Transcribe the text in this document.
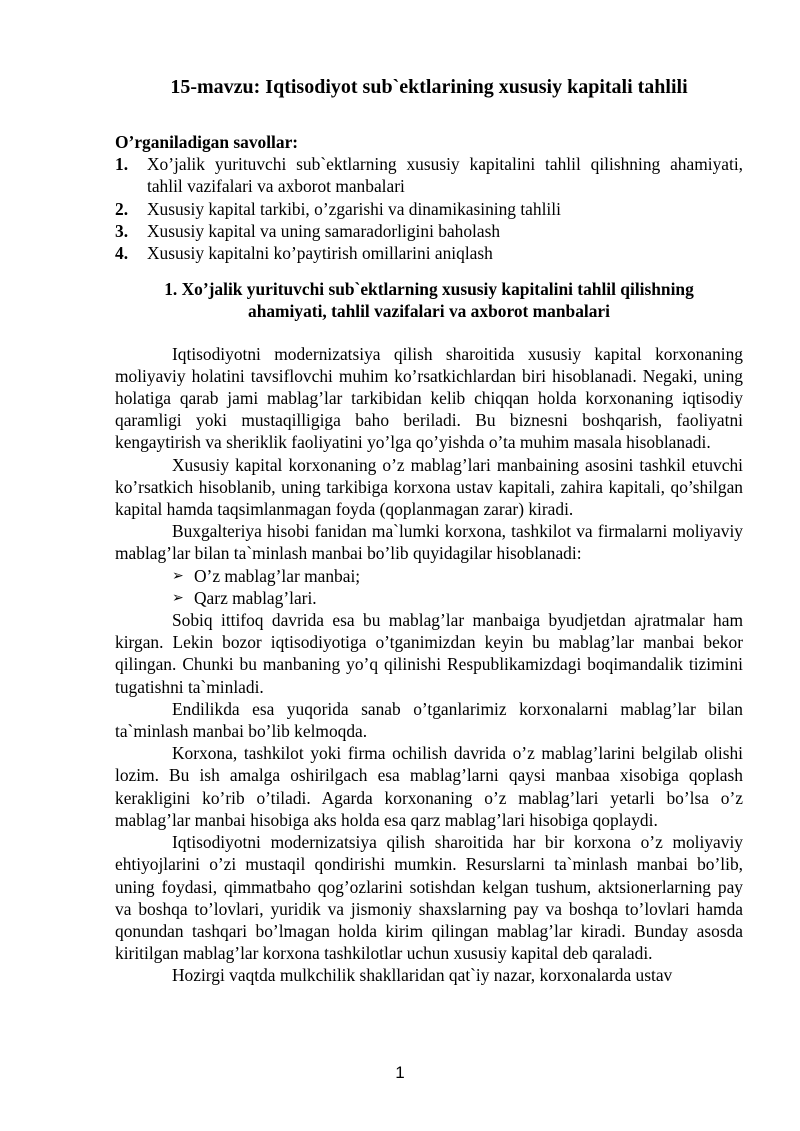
15-mavzu: Iqtisodiyot sub`ektlarining xususiy kapitali tahlili
O’rganiladigan savollar:
1. Xo’jalik yurituvchi sub`ektlarning xususiy kapitalini tahlil qilishning ahamiyati, tahlil vazifalari va axborot manbalari
2. Xususiy kapital tarkibi, o’zgarishi va dinamikasining tahlili
3. Xususiy kapital va uning samaradorligini baholash
4. Xususiy kapitalni ko’paytirish omillarini aniqlash
1. Xo’jalik yurituvchi sub`ektlarning xususiy kapitalini tahlil qilishning ahamiyati, tahlil vazifalari va axborot manbalari

Iqtisodiyotni modernizatsiya qilish sharoitida xususiy kapital korxonaning moliyaviy holatini tavsiflovchi muhim ko’rsatkichlardan biri hisoblanadi. Negaki, uning holatiga qarab jami mablag’lar tarkibidan kelib chiqqan holda korxonaning iqtisodiy qaramligi yoki mustaqilligiga baho beriladi. Bu biznesni boshqarish, faoliyatni kengaytirish va sheriklik faoliyatini yo’lga qo’yishda o’ta muhim masala hisoblanadi.

Xususiy kapital korxonaning o’z mablag’lari manbaining asosini tashkil etuvchi ko’rsatkich hisoblanib, uning tarkibiga korxona ustav kapitali, zahira kapitali, qo’shilgan kapital hamda taqsimlanmagan foyda (qoplanmagan zarar) kiradi.

Buxgalteriya hisobi fanidan ma`lumki korxona, tashkilot va firmalarni moliyaviy mablag’lar bilan ta`minlash manbai bo’lib quyidagilar hisoblanadi:

➢ O’z mablag’lar manbai;
➢ Qarz mablag’lari.

Sobiq ittifoq davrida esa bu mablag’lar manbaiga byudjetdan ajratmalar ham kirgan. Lekin bozor iqtisodiyotiga o’tganimizdan keyin bu mablag’lar manbai bekor qilingan. Chunki bu manbaning yo’q qilinishi Respublikamizdagi boqimandalik tizimini tugatishni ta`minladi.

Endilikda esa yuqorida sanab o’tganlarimiz korxonalarni mablag’lar bilan ta`minlash manbai bo’lib kelmoqda.

Korxona, tashkilot yoki firma ochilish davrida o’z mablag’larini belgilab olishi lozim. Bu ish amalga oshirilgach esa mablag’larni qaysi manbaa xisobiga qoplash kerakligini ko’rib o’tiladi. Agarda korxonaning o’z mablag’lari yetarli bo’lsa o’z mablag’lar manbai hisobiga aks holda esa qarz mablag’lari hisobiga qoplaydi.

Iqtisodiyotni modernizatsiya qilish sharoitida har bir korxona o’z moliyaviy ehtiyojlarini o’zi mustaqil qondirishi mumkin. Resurslarni ta`minlash manbai bo’lib, uning foydasi, qimmatbaho qog’ozlarini sotishdan kelgan tushum, aktsionerlarning pay va boshqa to’lovlari, yuridik va jismoniy shaxslarning pay va boshqa to’lovlari hamda qonundan tashqari bo’lmagan holda kirim qilingan mablag’lar kiradi. Bunday asosda kiritilgan mablag’lar korxona tashkilotlar uchun xususiy kapital deb qaraladi.

Hozirgi vaqtda mulkchilik shakllaridan qat`iy nazar, korxonalarda ustav

1
